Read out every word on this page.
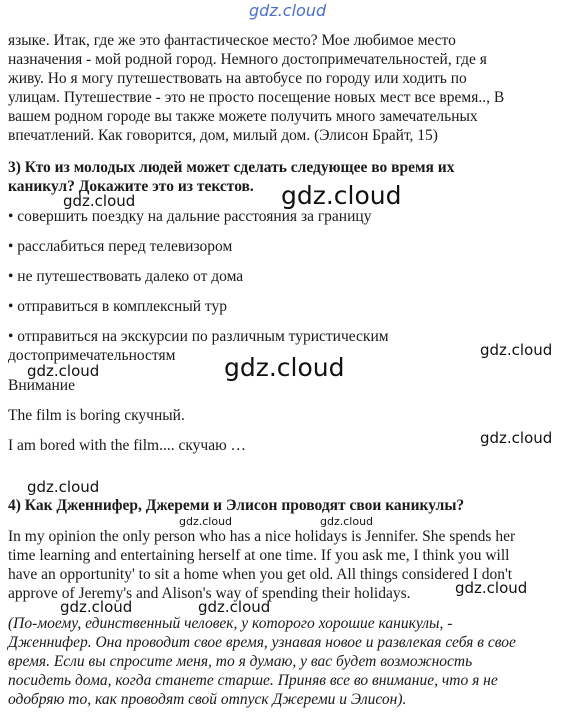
gdz.cloud
языке. Итак, где же это фантастическое место? Мое любимое место
назначения - мой родной город. Немного достопримечательностей, где я
живу. Но я могу путешествовать на автобусе по городу или ходить по
улицам. Путешествие - это не просто посещение новых мест все время.., В
вашем родном городе вы также можете получить много замечательных
впечатлений. Как говорится, дом, милый дом. (Элисон Брайт, 15)
3) Кто из молодых людей может сделать следующее во время их
каникул? Докажите это из текстов.
• совершить поездку на дальние расстояния за границу
• расслабиться перед телевизором
• не путешествовать далеко от дома
• отправиться в комплексный тур
• отправиться на экскурсии по различным туристическим
достопримечательностям
Внимание
The film is boring скучный.
I am bored with the film.... скучаю …
4) Как Дженнифер, Джереми и Элисон проводят свои каникулы?
In my opinion the only person who has a nice holidays is Jennifer. She spends her
time learning and entertaining herself at one time. If you ask me, I think you will
have an opportunity' to sit a home when you get old. All things considered I don't
approve of Jeremy's and Alison's way of spending their holidays.
(По-моему, единственный человек, у которого хорошие каникулы, -
Дженнифер. Она проводит свое время, узнавая новое и развлекая себя в свое
время. Если вы спросите меня, то я думаю, у вас будет возможность
посидеть дома, когда станете старше. Приняв все во внимание, что я не
одобряю то, как проводят свой отпуск Джереми и Элисон).
gdz.cloud
gdz.cloud
gdz.cloud
gdz.cloud
gdz.cloud
gdz.cloud
gdz.cloud
gdz.cloud	gdz.cloud
gdz.cloud
gdz.cloud	gdz.cloud
